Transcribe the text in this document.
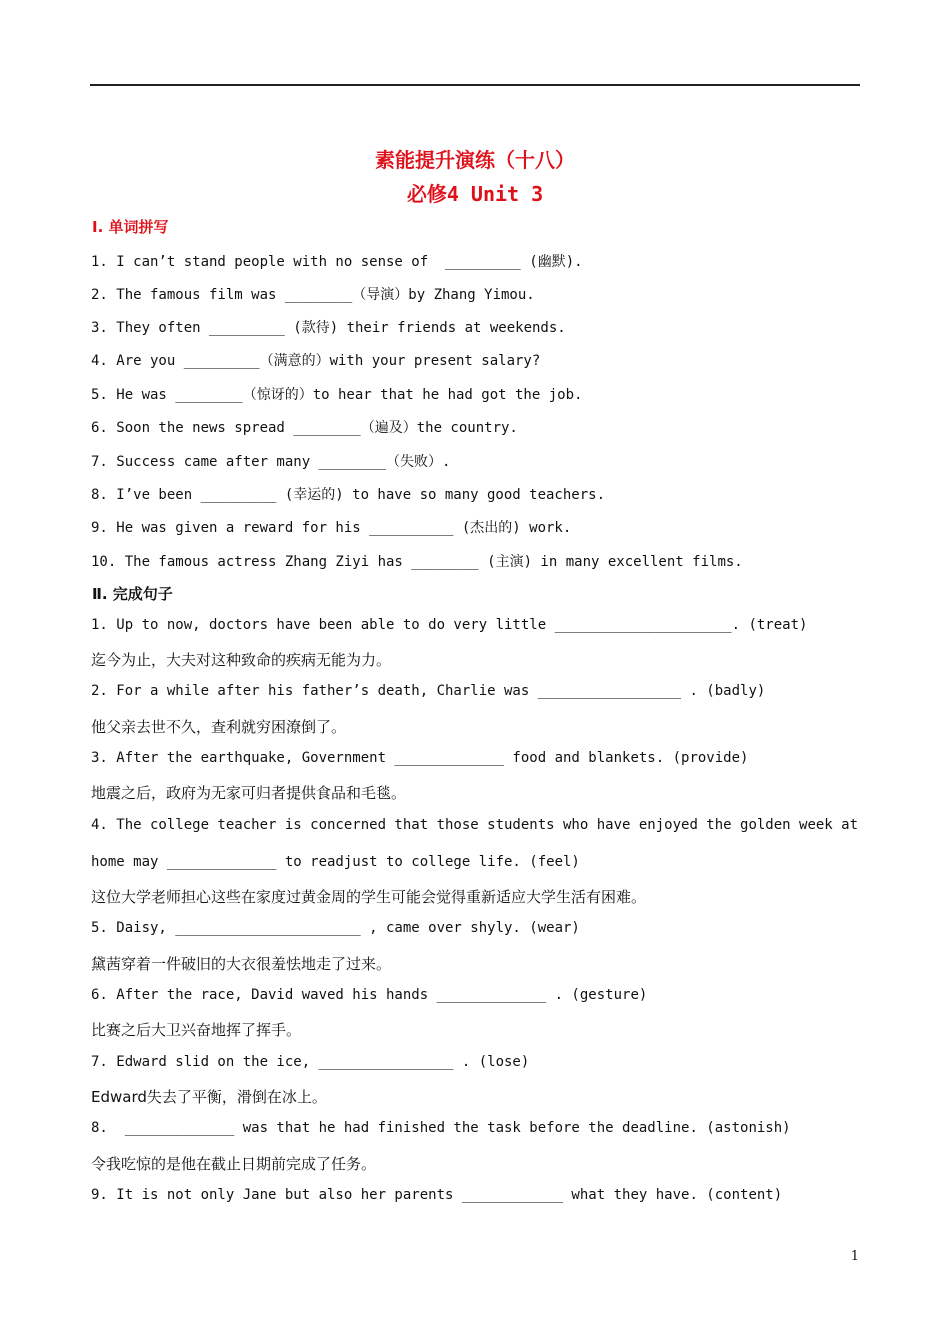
素能提升演练（十八）
必修4 Unit 3
Ⅰ. 单词拼写
1. I can’t stand people with no sense of  _________ (幽默).
2. The famous film was ________（导演）by Zhang Yimou.
3. They often _________ (款待) their friends at weekends.
4. Are you _________（满意的）with your present salary?
5. He was ________（惊讶的）to hear that he had got the job.
6. Soon the news spread ________（遍及）the country.
7. Success came after many ________（失败）.
8. I’ve been _________ (幸运的) to have so many good teachers.
9. He was given a reward for his __________ (杰出的) work.
10. The famous actress Zhang Ziyi has ________ (主演) in many excellent films.
Ⅱ. 完成句子
1. Up to now, doctors have been able to do very little _____________________. (treat)
迄今为止，大夫对这种致命的疾病无能为力。
2. For a while after his father’s death, Charlie was _________________ . (badly)
他父亲去世不久，查利就穷困潦倒了。
3. After the earthquake, Government _____________ food and blankets. (provide)
地震之后，政府为无家可归者提供食品和毛毯。
4. The college teacher is concerned that those students who have enjoyed the golden week at
home may _____________ to readjust to college life. (feel)
这位大学老师担心这些在家度过黄金周的学生可能会觉得重新适应大学生活有困难。
5. Daisy, ______________________ , came over shyly. (wear)
黛茜穿着一件破旧的大衣很羞怯地走了过来。
6. After the race, David waved his hands _____________ . (gesture)
比赛之后大卫兴奋地挥了挥手。
7. Edward slid on the ice, ________________ . (lose)
Edward失去了平衡，滑倒在冰上。
8.  _____________ was that he had finished the task before the deadline. (astonish)
令我吃惊的是他在截止日期前完成了任务。
9. It is not only Jane but also her parents ____________ what they have. (content)
1
